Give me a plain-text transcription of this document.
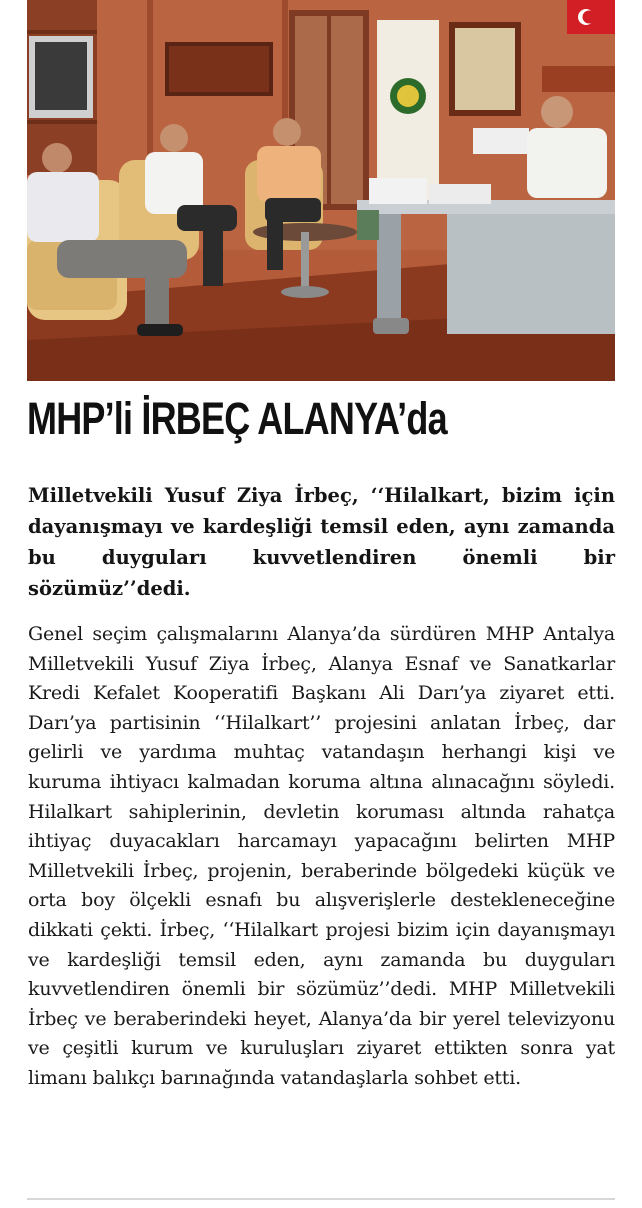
MHP’li İRBEÇ ALANYA’da

Milletvekili Yusuf Ziya İrbeç, ‘‘Hilalkart, bizim için dayanışmayı ve kardeşliği temsil eden, aynı zamanda bu duyguları kuvvetlendiren önemli bir sözümüz’’dedi.

Genel seçim çalışmalarını Alanya’da sürdüren MHP Antalya Milletvekili Yusuf Ziya İrbeç, Alanya Esnaf ve Sanatkarlar Kredi Kefalet Kooperatifi Başkanı Ali Darı’ya ziyaret etti. Darı’ya partisinin ‘‘Hilalkart’’ projesini anlatan İrbeç, dar gelirli ve yardıma muhtaç vatandaşın herhangi kişi ve kuruma ihtiyacı kalmadan koruma altına alınacağını söyledi. Hilalkart sahiplerinin, devletin koruması altında rahatça ihtiyaç duyacakları harcamayı yapacağını belirten MHP Milletvekili İrbeç, projenin, beraberinde bölgedeki küçük ve orta boy ölçekli esnafı bu alışverişlerle destekleneceğine dikkati çekti. İrbeç, ‘‘Hilalkart projesi bizim için dayanışmayı ve kardeşliği temsil eden, aynı zamanda bu duyguları kuvvetlendiren önemli bir sözümüz’’dedi. MHP Milletvekili İrbeç ve beraberindeki heyet, Alanya’da bir yerel televizyonu ve çeşitli kurum ve kuruluşları ziyaret ettikten sonra yat limanı balıkçı barınağında vatandaşlarla sohbet etti.
